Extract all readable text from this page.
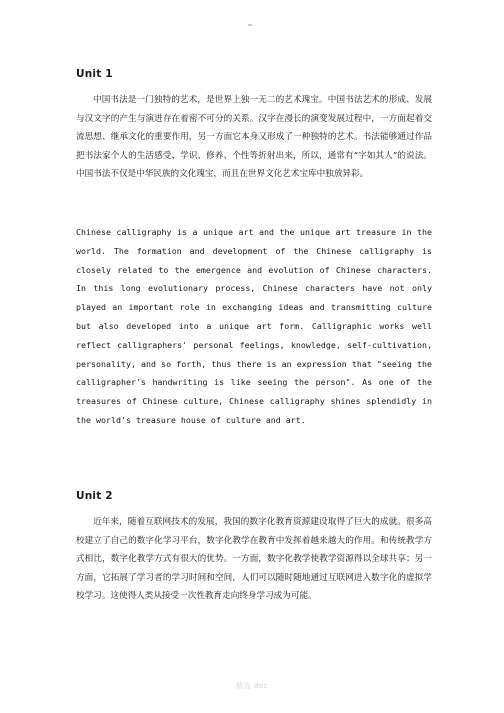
Unit 1

中国书法是一门独特的艺术，是世界上独一无二的艺术瑰宝。中国书法艺术的形成、发展与汉文字的产生与演进存在着密不可分的关系。汉字在漫长的演变发展过程中，一方面起着交流思想、继承文化的重要作用，另一方面它本身又形成了一种独特的艺术。书法能够通过作品把书法家个人的生活感受、学识、修养、个性等折射出来，所以，通常有“字如其人”的说法。中国书法不仅是中华民族的文化瑰宝，而且在世界文化艺术宝库中独放异彩。

Chinese calligraphy is a unique art and the unique art treasure in the world. The formation and development of the Chinese calligraphy is closely related to the emergence and evolution of Chinese characters. In this long evolutionary process, Chinese characters have not only played an important role in exchanging ideas and transmitting culture but also developed into a unique art form. Calligraphic works well reflect calligraphers' personal feelings, knowledge, self-cultivation, personality, and so forth, thus there is an expression that "seeing the calligrapher's handwriting is like seeing the person". As one of the treasures of Chinese culture, Chinese calligraphy shines splendidly in the world's treasure house of culture and art.

Unit 2

近年来，随着互联网技术的发展，我国的数字化教育资源建设取得了巨大的成就。很多高校建立了自己的数字化学习平台，数字化教学在教育中发挥着越来越大的作用。和传统教学方式相比，数字化教学方式有很大的优势。一方面，数字化教学使教学资源得以全球共享；另一方面，它拓展了学习者的学习时间和空间，人们可以随时随地通过互联网进入数字化的虚拟学校学习。这使得人类从接受一次性教育走向终身学习成为可能。

精选 doc
